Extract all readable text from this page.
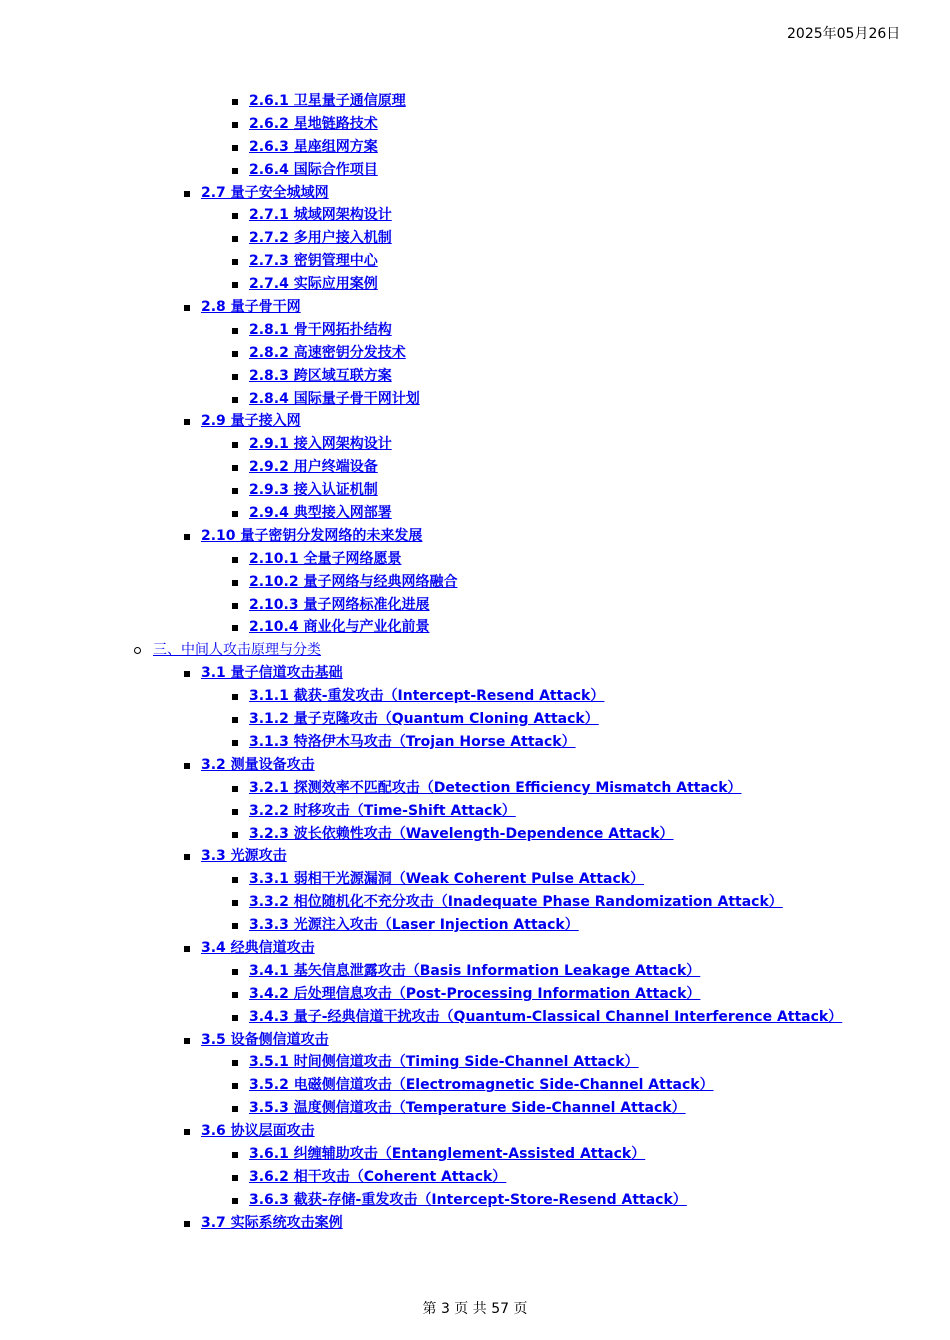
2025年05月26日
2.6.1 卫星量子通信原理
2.6.2 星地链路技术
2.6.3 星座组网方案
2.6.4 国际合作项目
2.7 量子安全城域网
2.7.1 城域网架构设计
2.7.2 多用户接入机制
2.7.3 密钥管理中心
2.7.4 实际应用案例
2.8 量子骨干网
2.8.1 骨干网拓扑结构
2.8.2 高速密钥分发技术
2.8.3 跨区域互联方案
2.8.4 国际量子骨干网计划
2.9 量子接入网
2.9.1 接入网架构设计
2.9.2 用户终端设备
2.9.3 接入认证机制
2.9.4 典型接入网部署
2.10 量子密钥分发网络的未来发展
2.10.1 全量子网络愿景
2.10.2 量子网络与经典网络融合
2.10.3 量子网络标准化进展
2.10.4 商业化与产业化前景
三、中间人攻击原理与分类
3.1 量子信道攻击基础
3.1.1 截获-重发攻击（Intercept-Resend Attack）
3.1.2 量子克隆攻击（Quantum Cloning Attack）
3.1.3 特洛伊木马攻击（Trojan Horse Attack）
3.2 测量设备攻击
3.2.1 探测效率不匹配攻击（Detection Efficiency Mismatch Attack）
3.2.2 时移攻击（Time-Shift Attack）
3.2.3 波长依赖性攻击（Wavelength-Dependence Attack）
3.3 光源攻击
3.3.1 弱相干光源漏洞（Weak Coherent Pulse Attack）
3.3.2 相位随机化不充分攻击（Inadequate Phase Randomization Attack）
3.3.3 光源注入攻击（Laser Injection Attack）
3.4 经典信道攻击
3.4.1 基矢信息泄露攻击（Basis Information Leakage Attack）
3.4.2 后处理信息攻击（Post-Processing Information Attack）
3.4.3 量子-经典信道干扰攻击（Quantum-Classical Channel Interference Attack）
3.5 设备侧信道攻击
3.5.1 时间侧信道攻击（Timing Side-Channel Attack）
3.5.2 电磁侧信道攻击（Electromagnetic Side-Channel Attack）
3.5.3 温度侧信道攻击（Temperature Side-Channel Attack）
3.6 协议层面攻击
3.6.1 纠缠辅助攻击（Entanglement-Assisted Attack）
3.6.2 相干攻击（Coherent Attack）
3.6.3 截获-存储-重发攻击（Intercept-Store-Resend Attack）
3.7 实际系统攻击案例
第 3 页 共 57 页
